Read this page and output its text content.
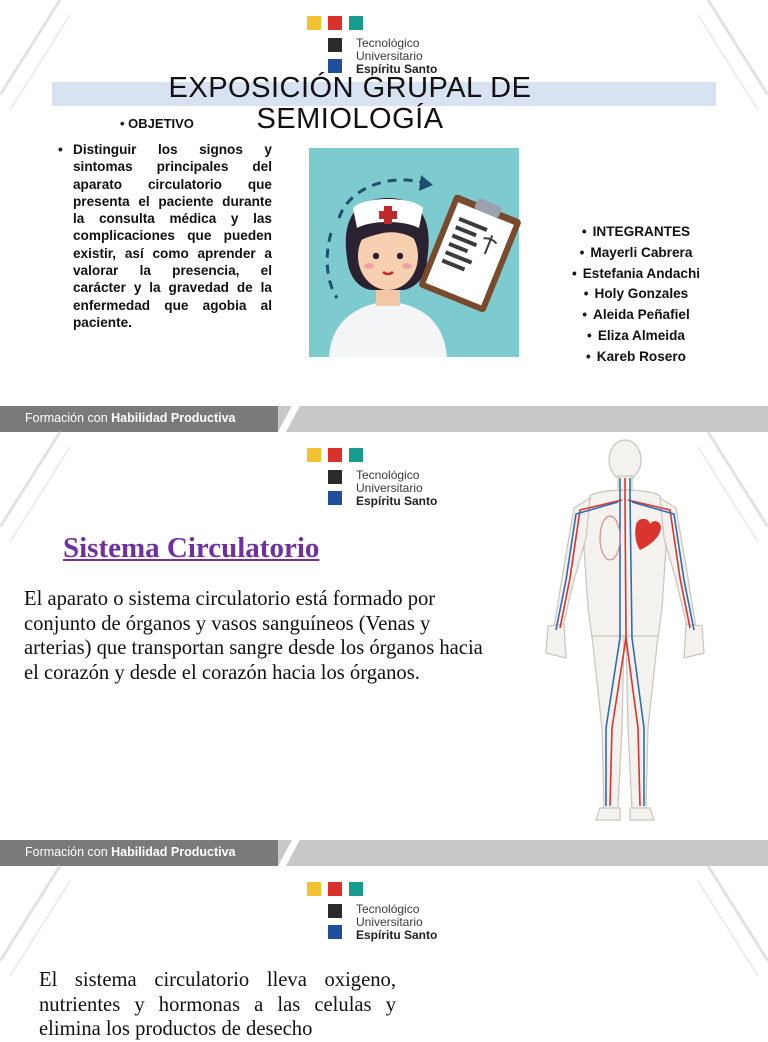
Tecnológico
Universitario
Espíritu Santo
EXPOSICIÓN GRUPAL DE SEMIOLOGÍA
• OBJETIVO
• Distinguir los signos y sintomas principales del aparato circulatorio que presenta el paciente durante la consulta médica y las complicaciones que pueden existir, así como aprender a valorar la presencia, el carácter y la gravedad de la enfermedad que agobia al paciente.

• INTEGRANTES
• Mayerli Cabrera
• Estefania Andachi
• Holy Gonzales
• Aleida Peñafiel
• Eliza Almeida
• Kareb Rosero
Formación con Habilidad Productiva
Tecnológico
Universitario
Espíritu Santo
Sistema Circulatorio
El aparato o sistema circulatorio está formado por conjunto de órganos y vasos sanguíneos (Venas y arterias) que transportan sangre desde los órganos hacia el corazón y desde el corazón hacia los órganos.
Formación con Habilidad Productiva
Tecnológico
Universitario
Espíritu Santo
El sistema circulatorio lleva oxigeno, nutrientes y hormonas a las celulas y elimina los productos de desecho
